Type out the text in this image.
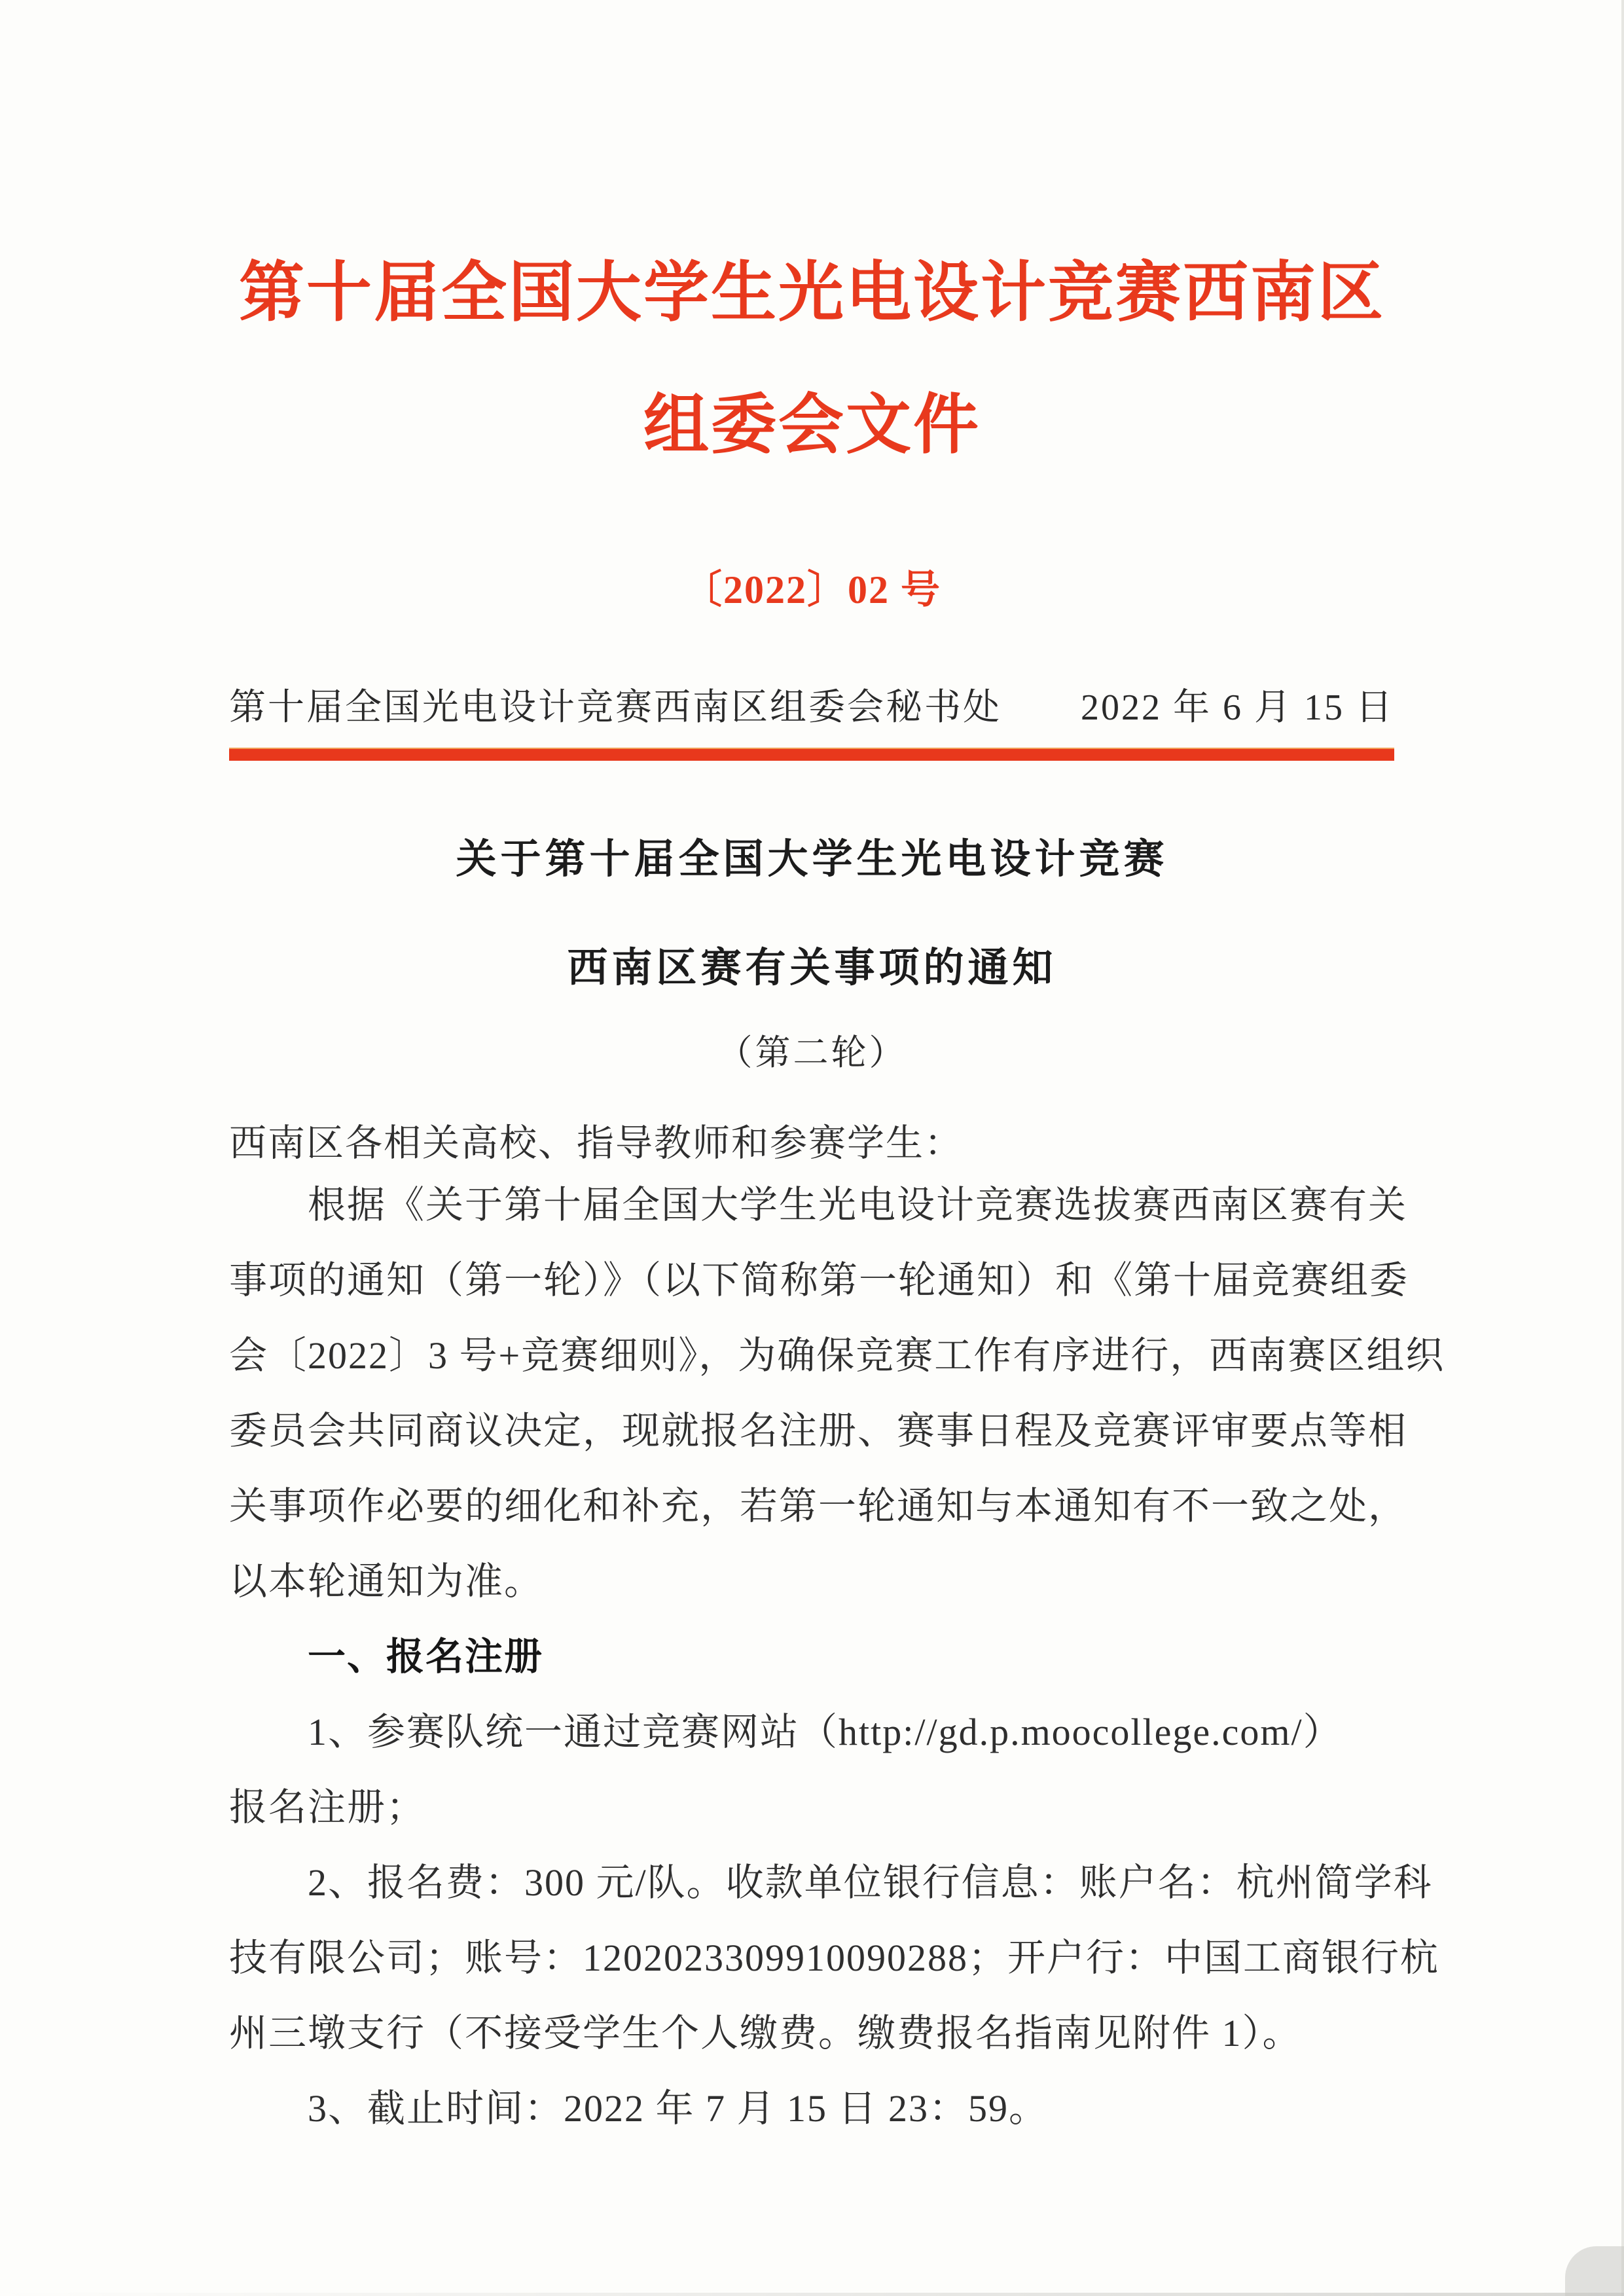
第十届全国大学生光电设计竞赛西南区
组委会文件
〔2022〕02 号
第十届全国光电设计竞赛西南区组委会秘书处 2022 年 6 月 15 日
关于第十届全国大学生光电设计竞赛
西南区赛有关事项的通知
（第二轮）
西南区各相关高校、指导教师和参赛学生：
根据《关于第十届全国大学生光电设计竞赛选拔赛西南区赛有关
事项的通知（第一轮）》（以下简称第一轮通知）和《第十届竞赛组委
会〔2022〕3 号+竞赛细则》，为确保竞赛工作有序进行，西南赛区组织
委员会共同商议决定，现就报名注册、赛事日程及竞赛评审要点等相
关事项作必要的细化和补充，若第一轮通知与本通知有不一致之处，
以本轮通知为准。
一、报名注册
1、参赛队统一通过竞赛网站（http://gd.p.moocollege.com/）
报名注册；
2、报名费：300 元/队。收款单位银行信息：账户名：杭州简学科
技有限公司；账号：1202023309910090288；开户行：中国工商银行杭
州三墩支行（不接受学生个人缴费。缴费报名指南见附件 1）。
3、截止时间：2022 年 7 月 15 日 23：59。
